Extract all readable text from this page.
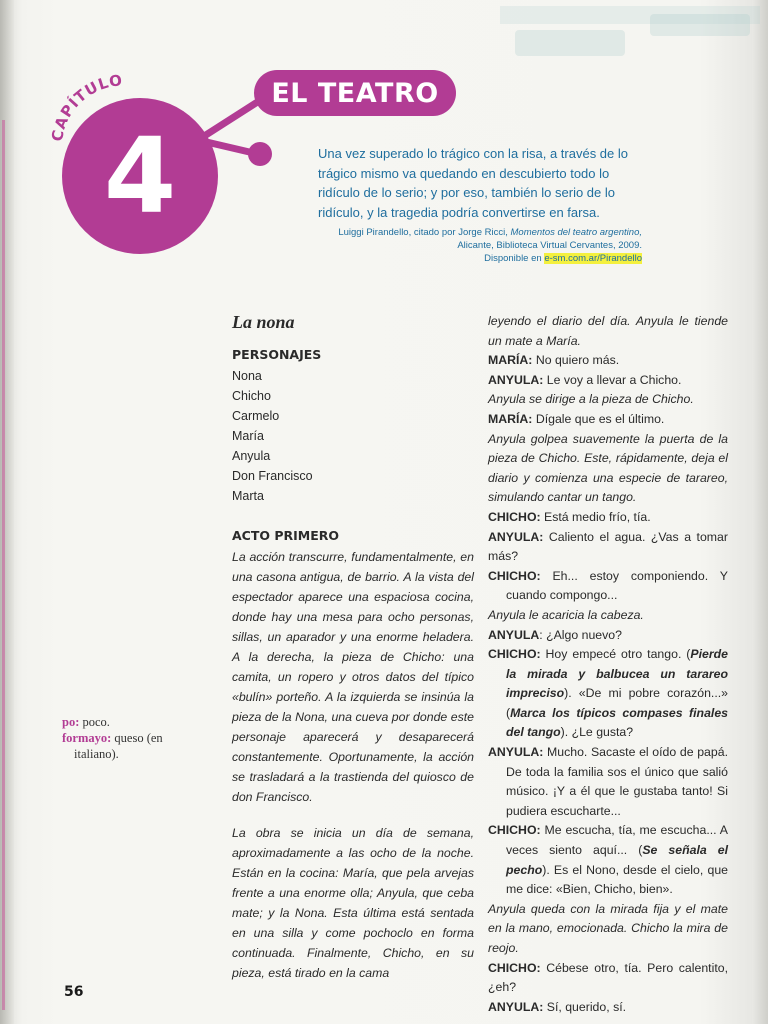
4
CAPÍTULO	EL TEATRO

Una vez superado lo trágico con la risa, a través de lo trágico mismo va quedando en descubierto todo lo ridículo de lo serio; y por eso, también lo serio de lo ridículo, y la tragedia podría convertirse en farsa.

Luiggi Pirandello, citado por Jorge Ricci, Momentos del teatro argentino,
Alicante, Biblioteca Virtual Cervantes, 2009.
Disponible en e-sm.com.ar/Pirandello
La nona
PERSONAJES
Nona
Chicho
Carmelo
María
Anyula
Don Francisco
Marta
ACTO PRIMERO

La acción transcurre, fundamentalmente, en una casona antigua, de barrio. A la vista del espectador aparece una espaciosa cocina, donde hay una mesa para ocho personas, sillas, un aparador y una enorme heladera. A la derecha, la pieza de Chicho: una camita, un ropero y otros datos del típico «bulín» porteño. A la izquierda se insinúa la pieza de la Nona, una cueva por donde este personaje aparecerá y desaparecerá constantemente. Oportunamente, la acción se trasladará a la trastienda del quiosco de don Francisco.

La obra se inicia un día de semana, aproximadamente a las ocho de la noche. Están en la cocina: María, que pela arvejas frente a una enorme olla; Anyula, que ceba mate; y la Nona. Esta última está sentada en una silla y come pochoclo en forma continuada. Finalmente, Chicho, en su pieza, está tirado en la cama

leyendo el diario del día. Anyula le tiende un mate a María.

MARÍA: No quiero más.

ANYULA: Le voy a llevar a Chicho.

Anyula se dirige a la pieza de Chicho.

MARÍA: Dígale que es el último.

Anyula golpea suavemente la puerta de la pieza de Chicho. Este, rápidamente, deja el diario y comienza una especie de tarareo, simulando cantar un tango.

CHICHO: Está medio frío, tía.

ANYULA: Caliento el agua. ¿Vas a tomar más?

CHICHO: Eh... estoy componiendo. Y cuando compongo...

Anyula le acaricia la cabeza.

ANYULA: ¿Algo nuevo?

CHICHO: Hoy empecé otro tango. (Pierde la mirada y balbucea un tarareo impreciso). «De mi pobre corazón...» (Marca los típicos compases finales del tango). ¿Le gusta?

ANYULA: Mucho. Sacaste el oído de papá. De toda la familia sos el único que salió músico. ¡Y a él que le gustaba tanto! Si pudiera escucharte...

CHICHO: Me escucha, tía, me escucha... A veces siento aquí... (Se señala el pecho). Es el Nono, desde el cielo, que me dice: «Bien, Chicho, bien».

Anyula queda con la mirada fija y el mate en la mano, emocionada. Chicho la mira de reojo.

CHICHO: Cébese otro, tía. Pero calentito, ¿eh?

ANYULA: Sí, querido, sí.

po: poco.
formayo: queso (en italiano).
56
